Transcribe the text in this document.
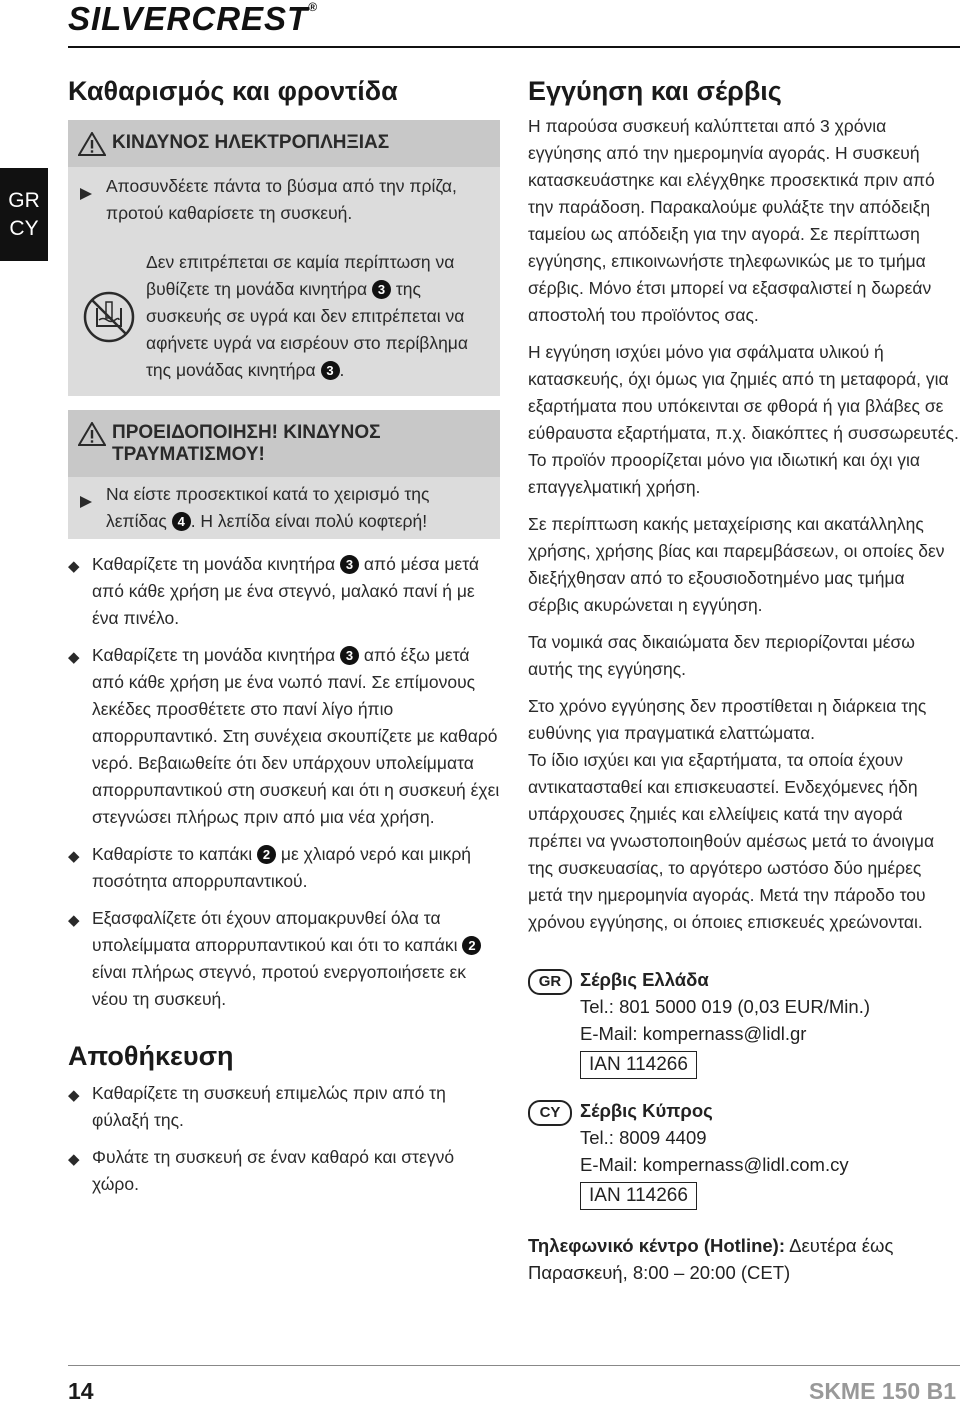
SILVERCREST®
GR
CY
Καθαρισμός και φροντίδα
ΚΙΝΔΥΝΟΣ ΗΛΕΚΤΡΟΠΛΗΞΙΑΣ
Αποσυνδέετε πάντα το βύσμα από την πρίζα, προτού καθαρίσετε τη συσκευή.
Δεν επιτρέπεται σε καμία περίπτωση να βυθίζετε τη μονάδα κινητήρα 3 της συσκευής σε υγρά και δεν επιτρέπεται να αφήνετε υγρά να εισρέουν στο περίβλημα της μονάδας κινητήρα 3 .
ΠΡΟΕΙΔΟΠΟΙΗΣΗ! ΚΙΝΔΥΝΟΣ ΤΡΑΥΜΑΤΙΣΜΟΥ!
Να είστε προσεκτικοί κατά το χειρισμό της λεπίδας 4 . Η λεπίδα είναι πολύ κοφτερή!
◆ Καθαρίζετε τη μονάδα κινητήρα 3 από μέσα μετά από κάθε χρήση με ένα στεγνό, μαλακό πανί ή με ένα πινέλο.
◆ Καθαρίζετε τη μονάδα κινητήρα 3 από έξω μετά από κάθε χρήση με ένα νωπό πανί. Σε επίμονους λεκέδες προσθέτετε στο πανί λίγο ήπιο απορρυπαντικό. Στη συνέχεια σκουπίζετε με καθαρό νερό. Βεβαιωθείτε ότι δεν υπάρχουν υπολείμματα απορρυπαντικού στη συσκευή και ότι η συσκευή έχει στεγνώσει πλήρως πριν από μια νέα χρήση.
◆ Καθαρίστε το καπάκι 2 με χλιαρό νερό και μικρή ποσότητα απορρυπαντικού.
◆ Εξασφαλίζετε ότι έχουν απομακρυνθεί όλα τα υπολείμματα απορρυπαντικού και ότι το καπάκι 2 είναι πλήρως στεγνό, προτού ενεργοποιήσετε εκ νέου τη συσκευή.
Αποθήκευση
◆ Καθαρίζετε τη συσκευή επιμελώς πριν από τη φύλαξή της.
◆ Φυλάτε τη συσκευή σε έναν καθαρό και στεγνό χώρο.
Εγγύηση και σέρβις

Η παρούσα συσκευή καλύπτεται από 3 χρόνια εγγύησης από την ημερομηνία αγοράς. Η συσκευή κατασκευάστηκε και ελέγχθηκε προσεκτικά πριν από την παράδοση. Παρακαλούμε φυλάξτε την απόδειξη ταμείου ως απόδειξη για την αγορά. Σε περίπτωση εγγύησης, επικοινωνήστε τηλεφωνικώς με το τμήμα σέρβις. Μόνο έτσι μπορεί να εξασφαλιστεί η δωρεάν αποστολή του προϊόντος σας.

Η εγγύηση ισχύει μόνο για σφάλματα υλικού ή κατασκευής, όχι όμως για ζημιές από τη μεταφορά, για εξαρτήματα που υπόκεινται σε φθορά ή για βλάβες σε εύθραυστα εξαρτήματα, π.χ. διακόπτες ή συσσωρευτές. Το προϊόν προορίζεται μόνο για ιδιωτική και όχι για επαγγελματική χρήση.

Σε περίπτωση κακής μεταχείρισης και ακατάλληλης χρήσης, χρήσης βίας και παρεμβάσεων, οι οποίες δεν διεξήχθησαν από το εξουσιοδοτημένο μας τμήμα σέρβις ακυρώνεται η εγγύηση.

Τα νομικά σας δικαιώματα δεν περιορίζονται μέσω αυτής της εγγύησης.

Στο χρόνο εγγύησης δεν προστίθεται η διάρκεια της ευθύνης για πραγματικά ελαττώματα.

Το ίδιο ισχύει και για εξαρτήματα, τα οποία έχουν αντικατασταθεί και επισκευαστεί. Ενδεχόμενες ήδη υπάρχουσες ζημιές και ελλείψεις κατά την αγορά πρέπει να γνωστοποιηθούν αμέσως μετά το άνοιγμα της συσκευασίας, το αργότερο ωστόσο δύο ημέρες μετά την ημερομηνία αγοράς. Μετά την πάροδο του χρόνου εγγύησης, οι όποιες επισκευές χρεώνονται.

GR	Σέρβις Ελλάδα
Tel.: 801 5000 019 (0,03 EUR/Min.)
E-Mail: kompernass@lidl.gr
IAN 114266
CY	Σέρβις Κύπρος
Tel.: 8009 4409
E-Mail: kompernass@lidl.com.cy
IAN 114266
Τηλεφωνικό κέντρο (Hotline): Δευτέρα έως Παρασκευή, 8:00 – 20:00 (CET)
14	SKME 150 B1
